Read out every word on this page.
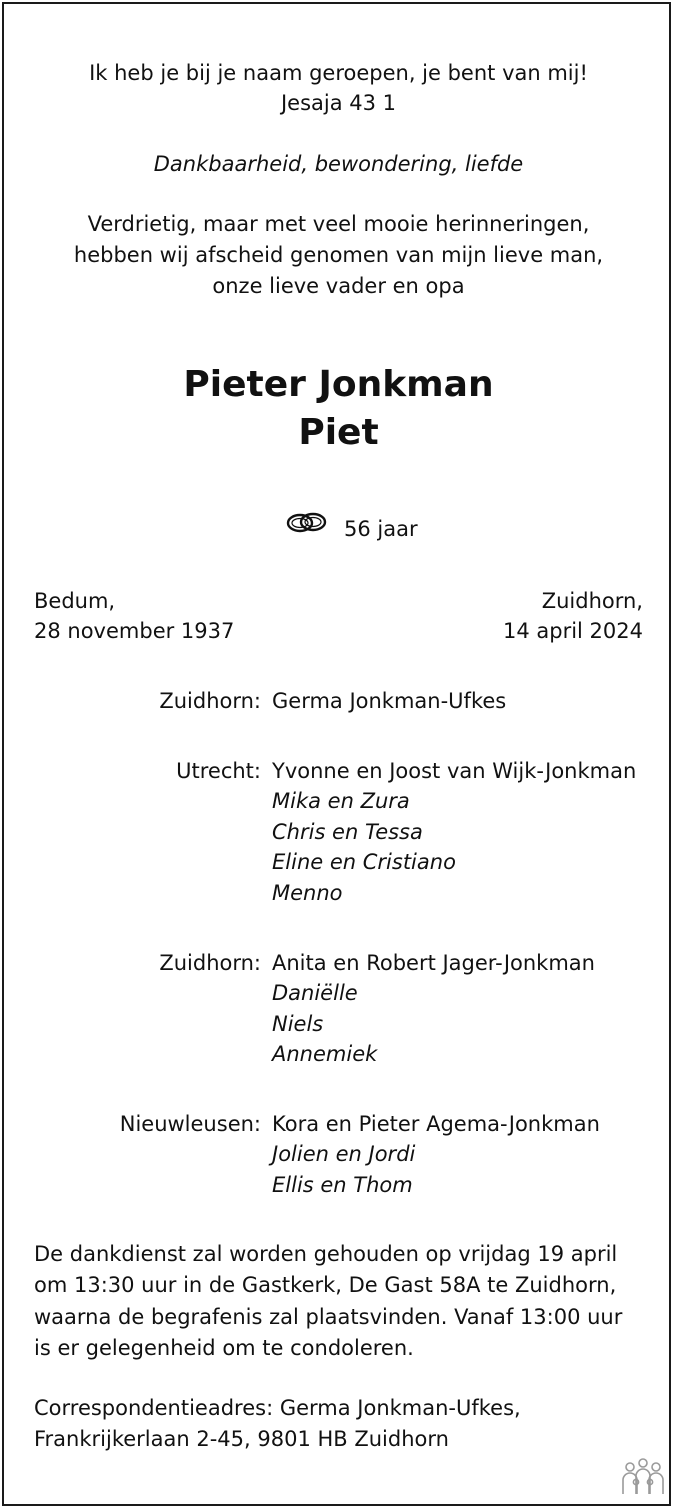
Ik heb je bij je naam geroepen, je bent van mij!
Jesaja 43 1
Dankbaarheid, bewondering, liefde
Verdrietig, maar met veel mooie herinneringen,
hebben wij afscheid genomen van mijn lieve man,
onze lieve vader en opa
Pieter Jonkman
Piet
56 jaar
Bedum,
28 november 1937
Zuidhorn,
14 april 2024
Zuidhorn: Germa Jonkman-Ufkes
Utrecht: Yvonne en Joost van Wijk-Jonkman
Mika en Zura
Chris en Tessa
Eline en Cristiano
Menno
Zuidhorn: Anita en Robert Jager-Jonkman
Daniëlle
Niels
Annemiek
Nieuwleusen: Kora en Pieter Agema-Jonkman
Jolien en Jordi
Ellis en Thom
De dankdienst zal worden gehouden op vrijdag 19 april
om 13:30 uur in de Gastkerk, De Gast 58A te Zuidhorn,
waarna de begrafenis zal plaatsvinden. Vanaf 13:00 uur
is er gelegenheid om te condoleren.
Correspondentieadres: Germa Jonkman-Ufkes,
Frankrijkerlaan 2-45, 9801 HB Zuidhorn
